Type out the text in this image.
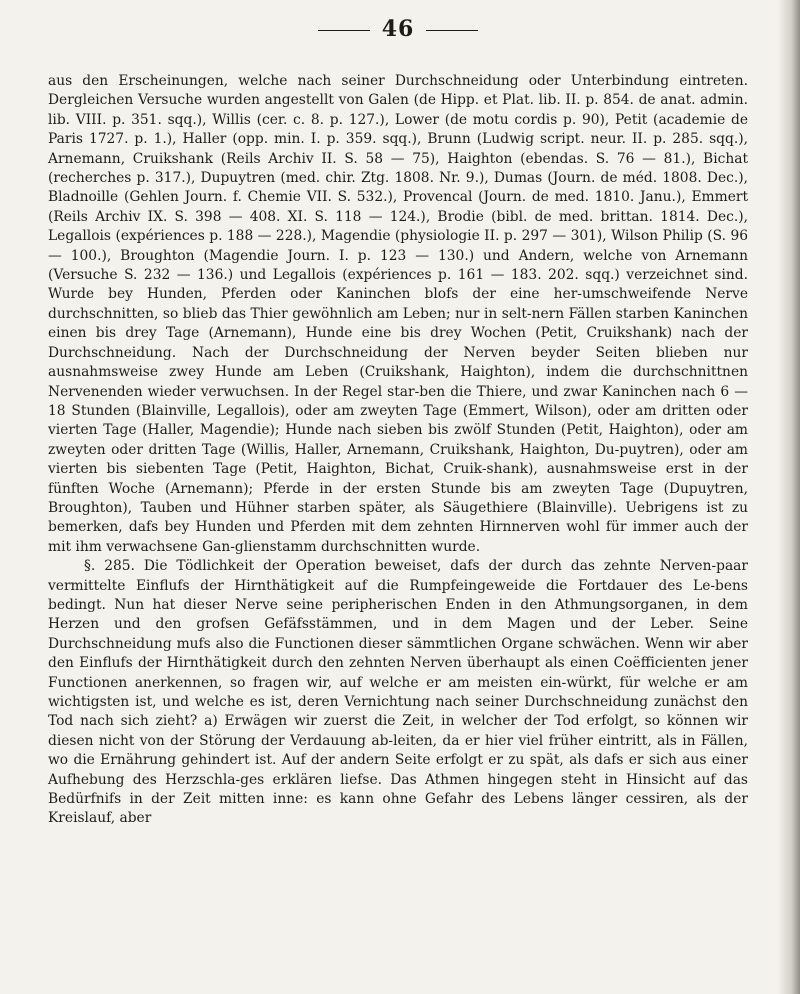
46

aus den Erscheinungen, welche nach seiner Durchschneidung oder Unterbindung eintreten. Dergleichen Versuche wurden angestellt von Galen (de Hipp. et Plat. lib. II. p. 854. de anat. admin. lib. VIII. p. 351. sqq.), Willis (cer. c. 8. p. 127.), Lower (de motu cordis p. 90), Petit (academie de Paris 1727. p. 1.), Haller (opp. min. I. p. 359. sqq.), Brunn (Ludwig script. neur. II. p. 285. sqq.), Arnemann, Cruikshank (Reils Archiv II. S. 58 — 75), Haighton (ebendas. S. 76 — 81.), Bichat (recherches p. 317.), Dupuytren (med. chir. Ztg. 1808. Nr. 9.), Dumas (Journ. de méd. 1808. Dec.), Bladnoille (Gehlen Journ. f. Chemie VII. S. 532.), Provencal (Journ. de med. 1810. Janu.), Emmert (Reils Archiv IX. S. 398 — 408. XI. S. 118 — 124.), Brodie (bibl. de med. brittan. 1814. Dec.), Legallois (expériences p. 188 — 228.), Magendie (physiologie II. p. 297 — 301), Wilson Philip (S. 96 — 100.), Broughton (Magendie Journ. I. p. 123 — 130.) und Andern, welche von Arnemann (Versuche S. 232 — 136.) und Legallois (expériences p. 161 — 183. 202. sqq.) verzeichnet sind. Wurde bey Hunden, Pferden oder Kaninchen blofs der eine her-umschweifende Nerve durchschnitten, so blieb das Thier gewöhnlich am Leben; nur in selt-nern Fällen starben Kaninchen einen bis drey Tage (Arnemann), Hunde eine bis drey Wochen (Petit, Cruikshank) nach der Durchschneidung. Nach der Durchschneidung der Nerven beyder Seiten blieben nur ausnahmsweise zwey Hunde am Leben (Cruikshank, Haighton), indem die durchschnittnen Nervenenden wieder verwuchsen. In der Regel star-ben die Thiere, und zwar Kaninchen nach 6 — 18 Stunden (Blainville, Legallois), oder am zweyten Tage (Emmert, Wilson), oder am dritten oder vierten Tage (Haller, Magendie); Hunde nach sieben bis zwölf Stunden (Petit, Haighton), oder am zweyten oder dritten Tage (Willis, Haller, Arnemann, Cruikshank, Haighton, Du-puytren), oder am vierten bis siebenten Tage (Petit, Haighton, Bichat, Cruik-shank), ausnahmsweise erst in der fünften Woche (Arnemann); Pferde in der ersten Stunde bis am zweyten Tage (Dupuytren, Broughton), Tauben und Hühner starben später, als Säugethiere (Blainville). Uebrigens ist zu bemerken, dafs bey Hunden und Pferden mit dem zehnten Hirnnerven wohl für immer auch der mit ihm verwachsene Gan-glienstamm durchschnitten wurde.

§. 285. Die Tödlichkeit der Operation beweiset, dafs der durch das zehnte Nerven-paar vermittelte Einflufs der Hirnthätigkeit auf die Rumpfeingeweide die Fortdauer des Le-bens bedingt. Nun hat dieser Nerve seine peripherischen Enden in den Athmungsorganen, in dem Herzen und den grofsen Gefäfsstämmen, und in dem Magen und der Leber. Seine Durchschneidung mufs also die Functionen dieser sämmtlichen Organe schwächen. Wenn wir aber den Einflufs der Hirnthätigkeit durch den zehnten Nerven überhaupt als einen Coëfficienten jener Functionen anerkennen, so fragen wir, auf welche er am meisten ein-würkt, für welche er am wichtigsten ist, und welche es ist, deren Vernichtung nach seiner Durchschneidung zunächst den Tod nach sich zieht? a) Erwägen wir zuerst die Zeit, in welcher der Tod erfolgt, so können wir diesen nicht von der Störung der Verdauung ab-leiten, da er hier viel früher eintritt, als in Fällen, wo die Ernährung gehindert ist. Auf der andern Seite erfolgt er zu spät, als dafs er sich aus einer Aufhebung des Herzschla-ges erklären liefse. Das Athmen hingegen steht in Hinsicht auf das Bedürfnifs in der Zeit mitten inne: es kann ohne Gefahr des Lebens länger cessiren, als der Kreislauf, aber
